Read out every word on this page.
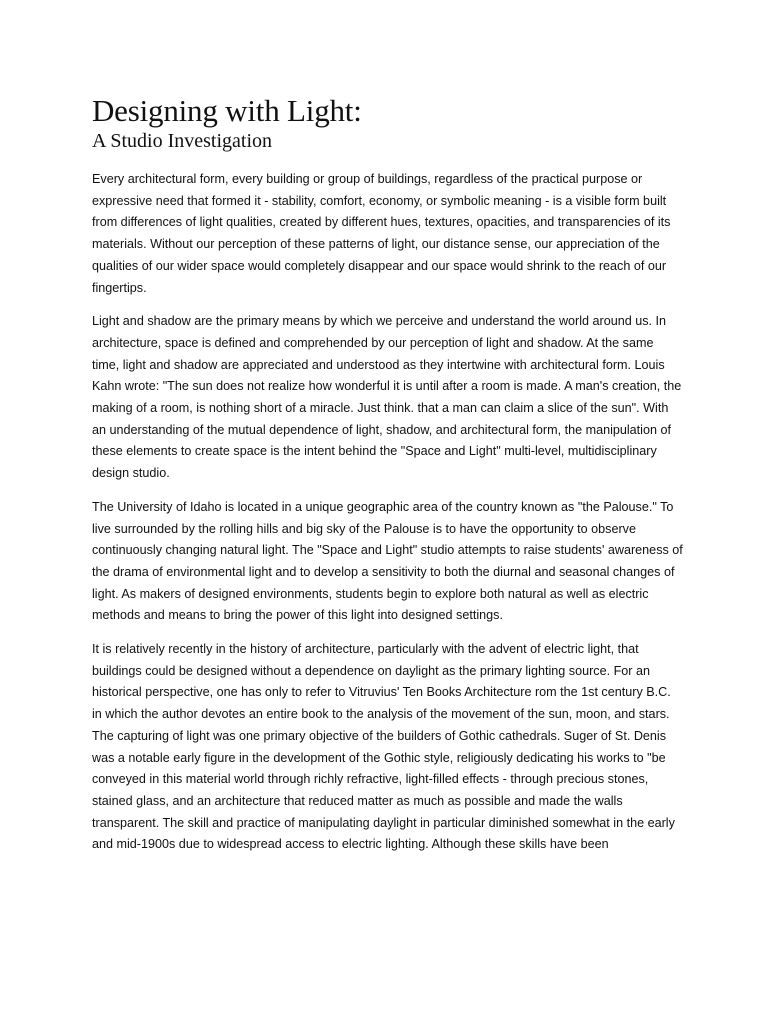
Designing with Light:
A Studio Investigation

Every architectural form, every building or group of buildings, regardless of the practical purpose or expressive need that formed it - stability, comfort, economy, or symbolic meaning - is a visible form built from differences of light qualities, created by different hues, textures, opacities, and transparencies of its materials. Without our perception of these patterns of light, our distance sense, our appreciation of the qualities of our wider space would completely disappear and our space would shrink to the reach of our fingertips.

Light and shadow are the primary means by which we perceive and understand the world around us. In architecture, space is defined and comprehended by our perception of light and shadow. At the same time, light and shadow are appreciated and understood as they intertwine with architectural form. Louis Kahn wrote: "The sun does not realize how wonderful it is until after a room is made. A man's creation, the making of a room, is nothing short of a miracle. Just think. that a man can claim a slice of the sun". With an understanding of the mutual dependence of light, shadow, and architectural form, the manipulation of these elements to create space is the intent behind the "Space and Light" multi-level, multidisciplinary design studio.

The University of Idaho is located in a unique geographic area of the country known as "the Palouse." To live surrounded by the rolling hills and big sky of the Palouse is to have the opportunity to observe continuously changing natural light. The "Space and Light" studio attempts to raise students' awareness of the drama of environmental light and to develop a sensitivity to both the diurnal and seasonal changes of light. As makers of designed environments, students begin to explore both natural as well as electric methods and means to bring the power of this light into designed settings.

It is relatively recently in the history of architecture, particularly with the advent of electric light, that buildings could be designed without a dependence on daylight as the primary lighting source. For an historical perspective, one has only to refer to Vitruvius' Ten Books Architecture rom the 1st century B.C. in which the author devotes an entire book to the analysis of the movement of the sun, moon, and stars. The capturing of light was one primary objective of the builders of Gothic cathedrals. Suger of St. Denis was a notable early figure in the development of the Gothic style, religiously dedicating his works to "be conveyed in this material world through richly refractive, light-filled effects - through precious stones, stained glass, and an architecture that reduced matter as much as possible and made the walls transparent. The skill and practice of manipulating daylight in particular diminished somewhat in the early and mid-1900s due to widespread access to electric lighting. Although these skills have been
